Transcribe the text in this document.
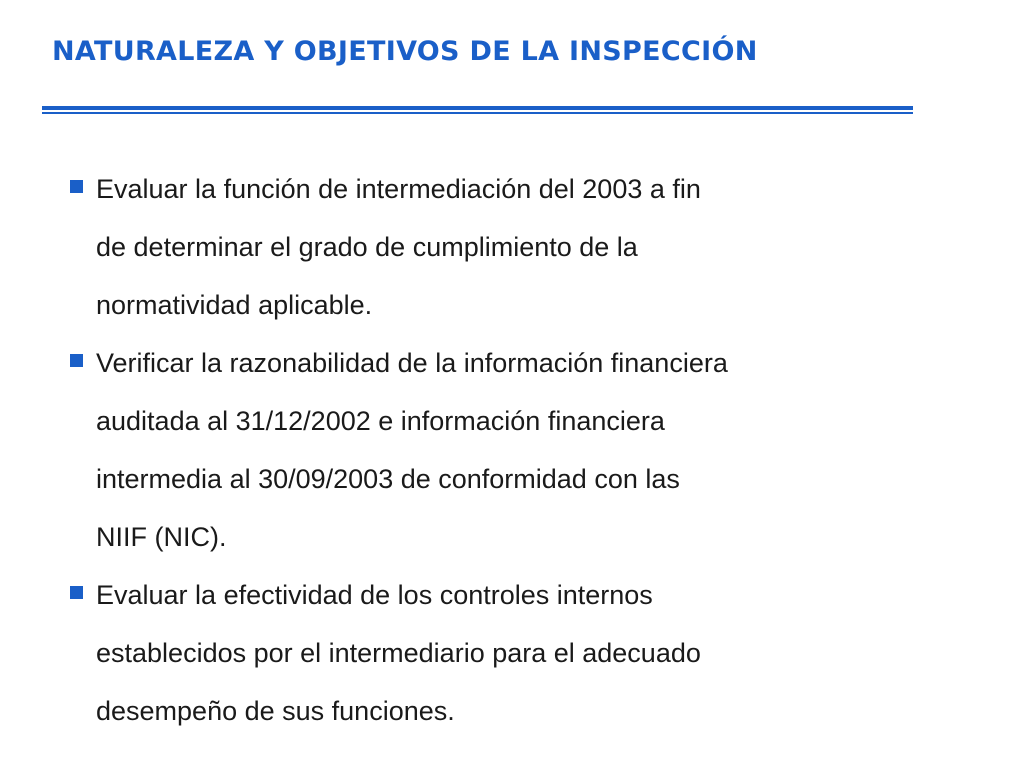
NATURALEZA Y OBJETIVOS DE LA INSPECCIÓN
Evaluar la función de intermediación del 2003 a fin
de determinar el grado de cumplimiento de la
normatividad aplicable.
Verificar la razonabilidad de la información financiera
auditada al 31/12/2002 e información financiera
intermedia al 30/09/2003 de conformidad con las
NIIF (NIC).
Evaluar la efectividad de los controles internos
establecidos por el intermediario para el adecuado
desempeño de sus funciones.
